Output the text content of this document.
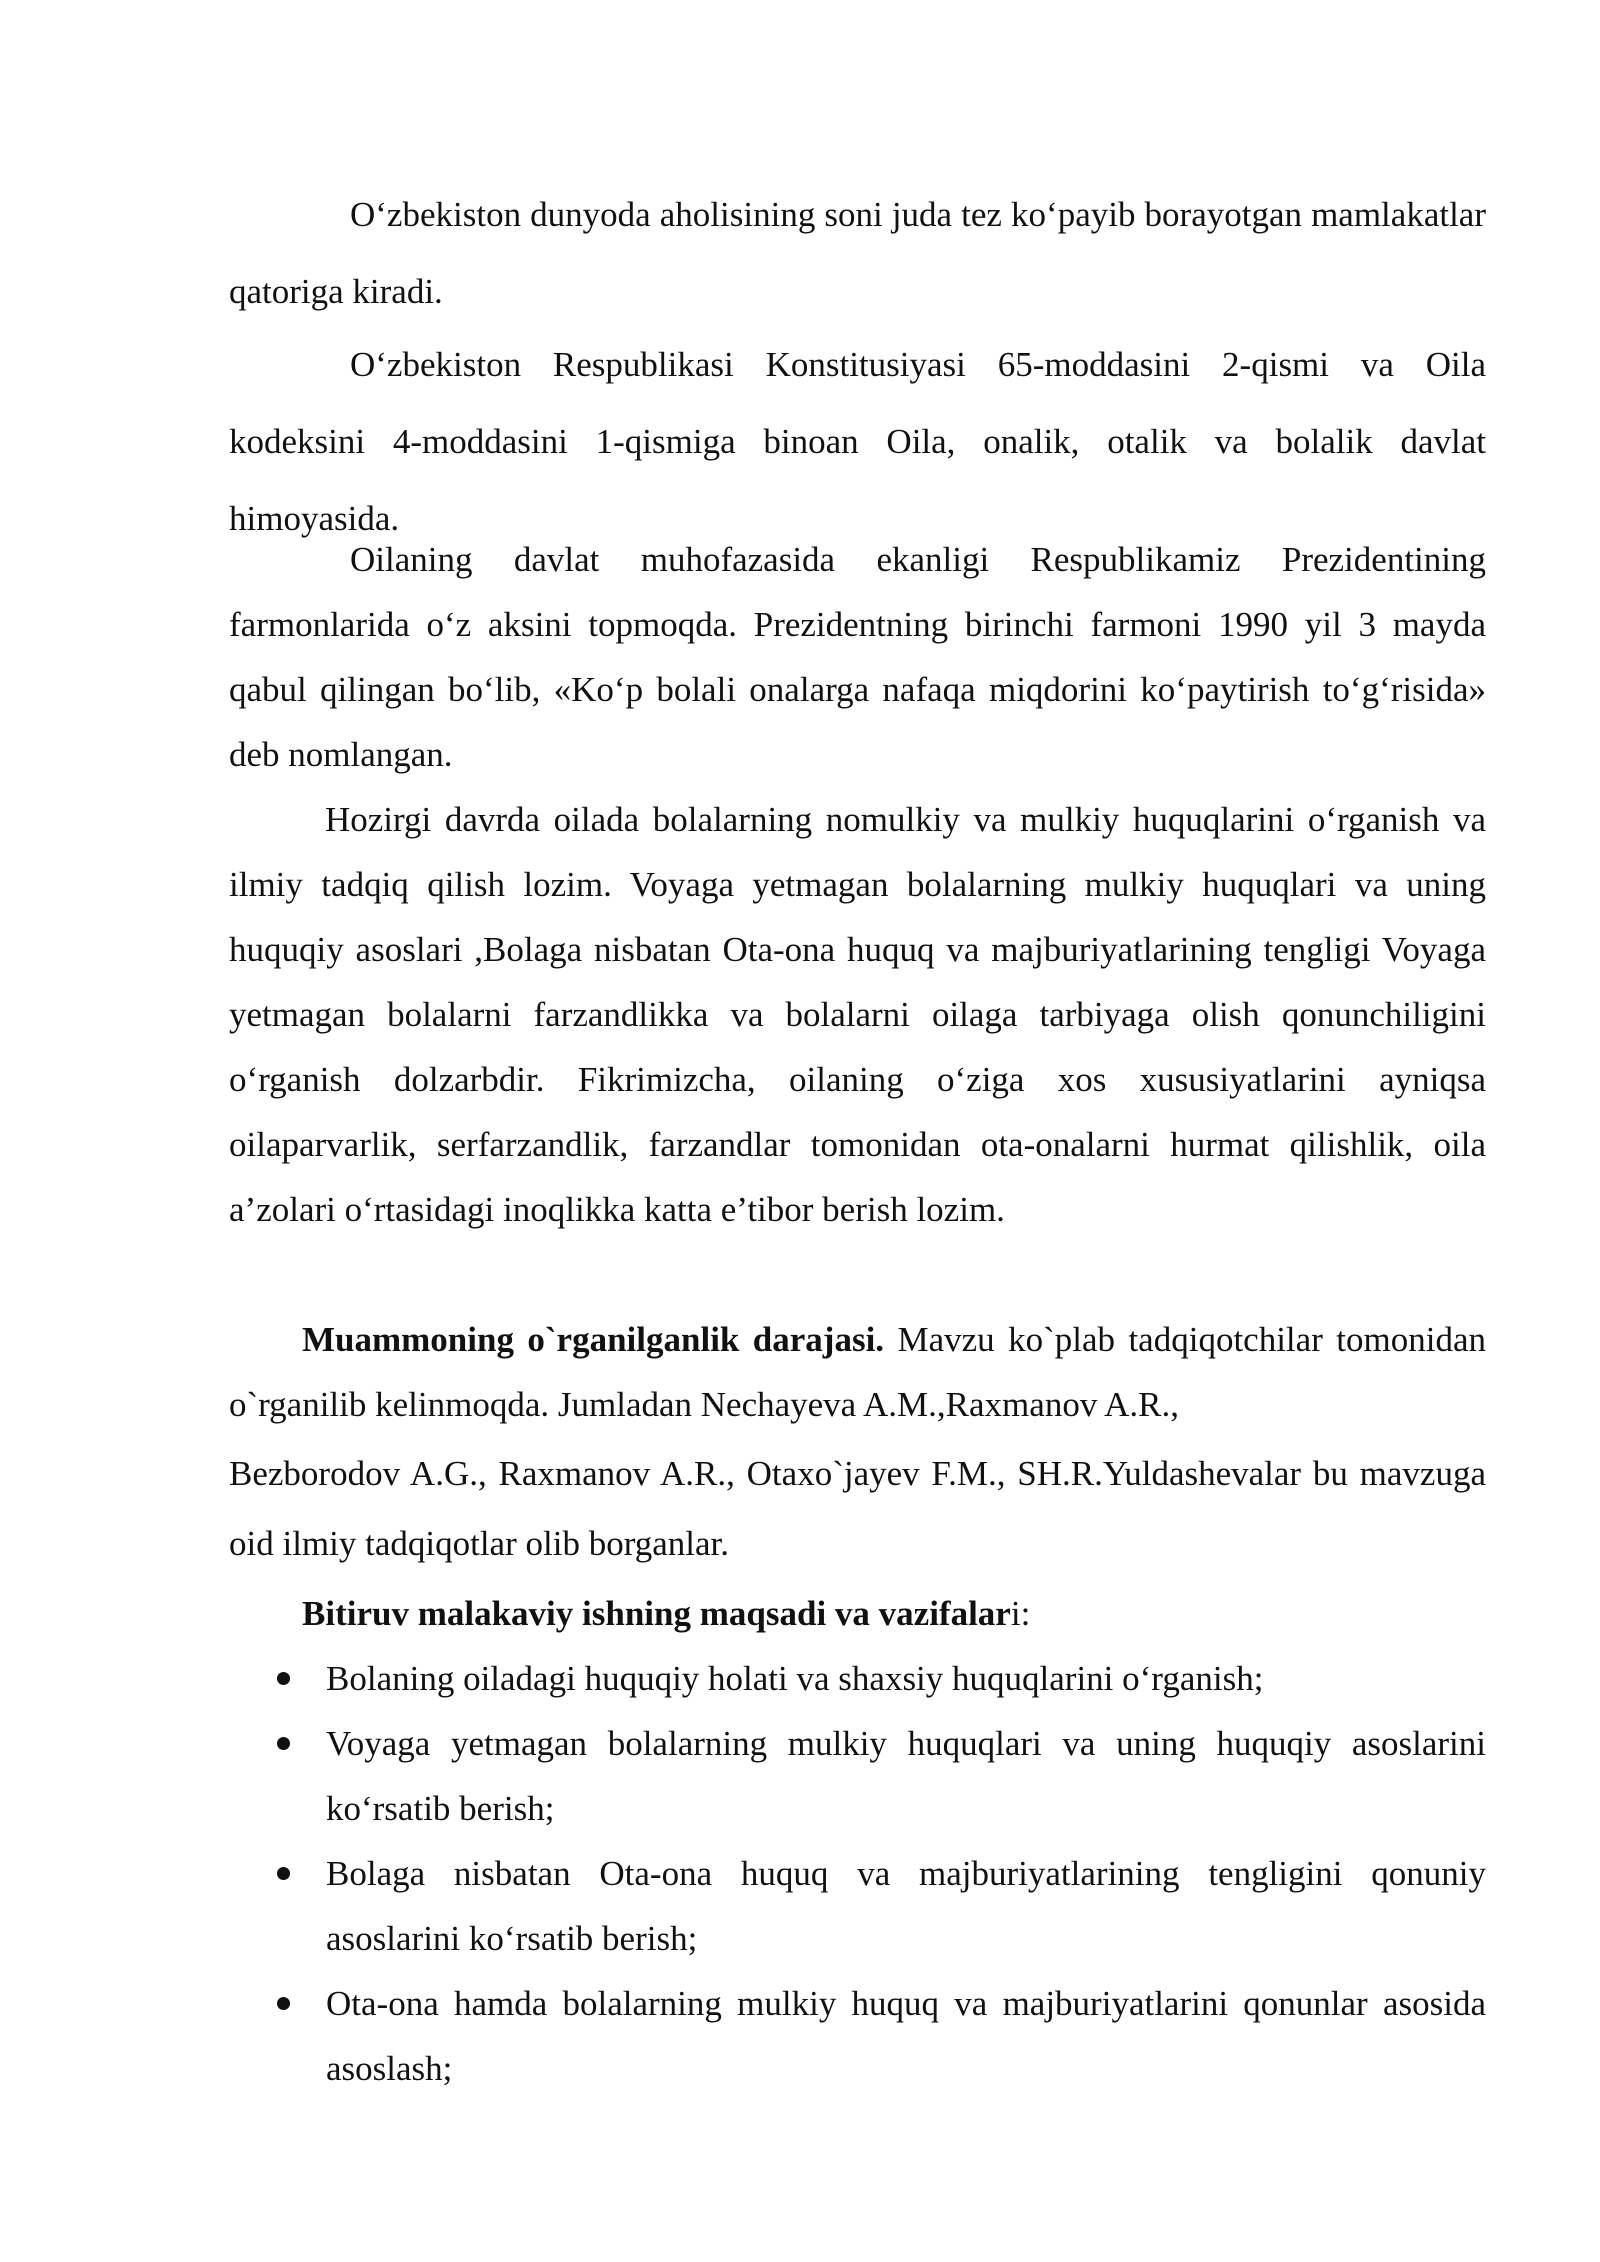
O‘zbekiston dunyoda aholisining soni juda tez ko‘payib borayotgan mamlakatlar qatoriga kiradi.

O‘zbekiston Respublikasi Konstitusiyasi 65-moddasini 2-qismi va Oila kodeksini 4-moddasini 1-qismiga binoan Oila, onalik, otalik va bolalik davlat himoyasida.

Oilaning davlat muhofazasida ekanligi Respublikamiz Prezidentining farmonlarida o‘z aksini topmoqda. Prezidentning birinchi farmoni 1990 yil 3 mayda qabul qilingan bo‘lib, «Ko‘p bolali onalarga nafaqa miqdorini ko‘paytirish to‘g‘risida» deb nomlangan.

Hozirgi davrda oilada bolalarning nomulkiy va mulkiy huquqlarini o‘rganish va ilmiy tadqiq qilish lozim. Voyaga yetmagan bolalarning mulkiy huquqlari va uning huquqiy asoslari ,Bolaga nisbatan Ota-ona huquq va majburiyatlarining tengligi Voyaga yetmagan bolalarni farzandlikka va bolalarni oilaga tarbiyaga olish qonunchiligini o‘rganish dolzarbdir. Fikrimizcha, oilaning o‘ziga xos xususiyatlarini ayniqsa oilaparvarlik, serfarzandlik, farzandlar tomonidan ota-onalarni hurmat qilishlik, oila a’zolari o‘rtasidagi inoqlikka katta e’tibor berish lozim.

Muammoning o`rganilganlik darajasi. Mavzu ko`plab tadqiqotchilar tomonidan o`rganilib kelinmoqda. Jumladan Nechayeva A.M.,Raxmanov A.R.,

Bezborodov A.G., Raxmanov A.R., Otaxo`jayev F.M., SH.R.Yuldashevalar bu mavzuga oid ilmiy tadqiqotlar olib borganlar.

Bitiruv malakaviy ishning maqsadi va vazifalari:

Bolaning oiladagi huquqiy holati va shaxsiy huquqlarini o‘rganish;
Voyaga yetmagan bolalarning mulkiy huquqlari va uning huquqiy asoslarini ko‘rsatib berish;
Bolaga nisbatan Ota-ona huquq va majburiyatlarining tengligini qonuniy asoslarini ko‘rsatib berish;
Ota-ona hamda bolalarning mulkiy huquq va majburiyatlarini qonunlar asosida asoslash;
